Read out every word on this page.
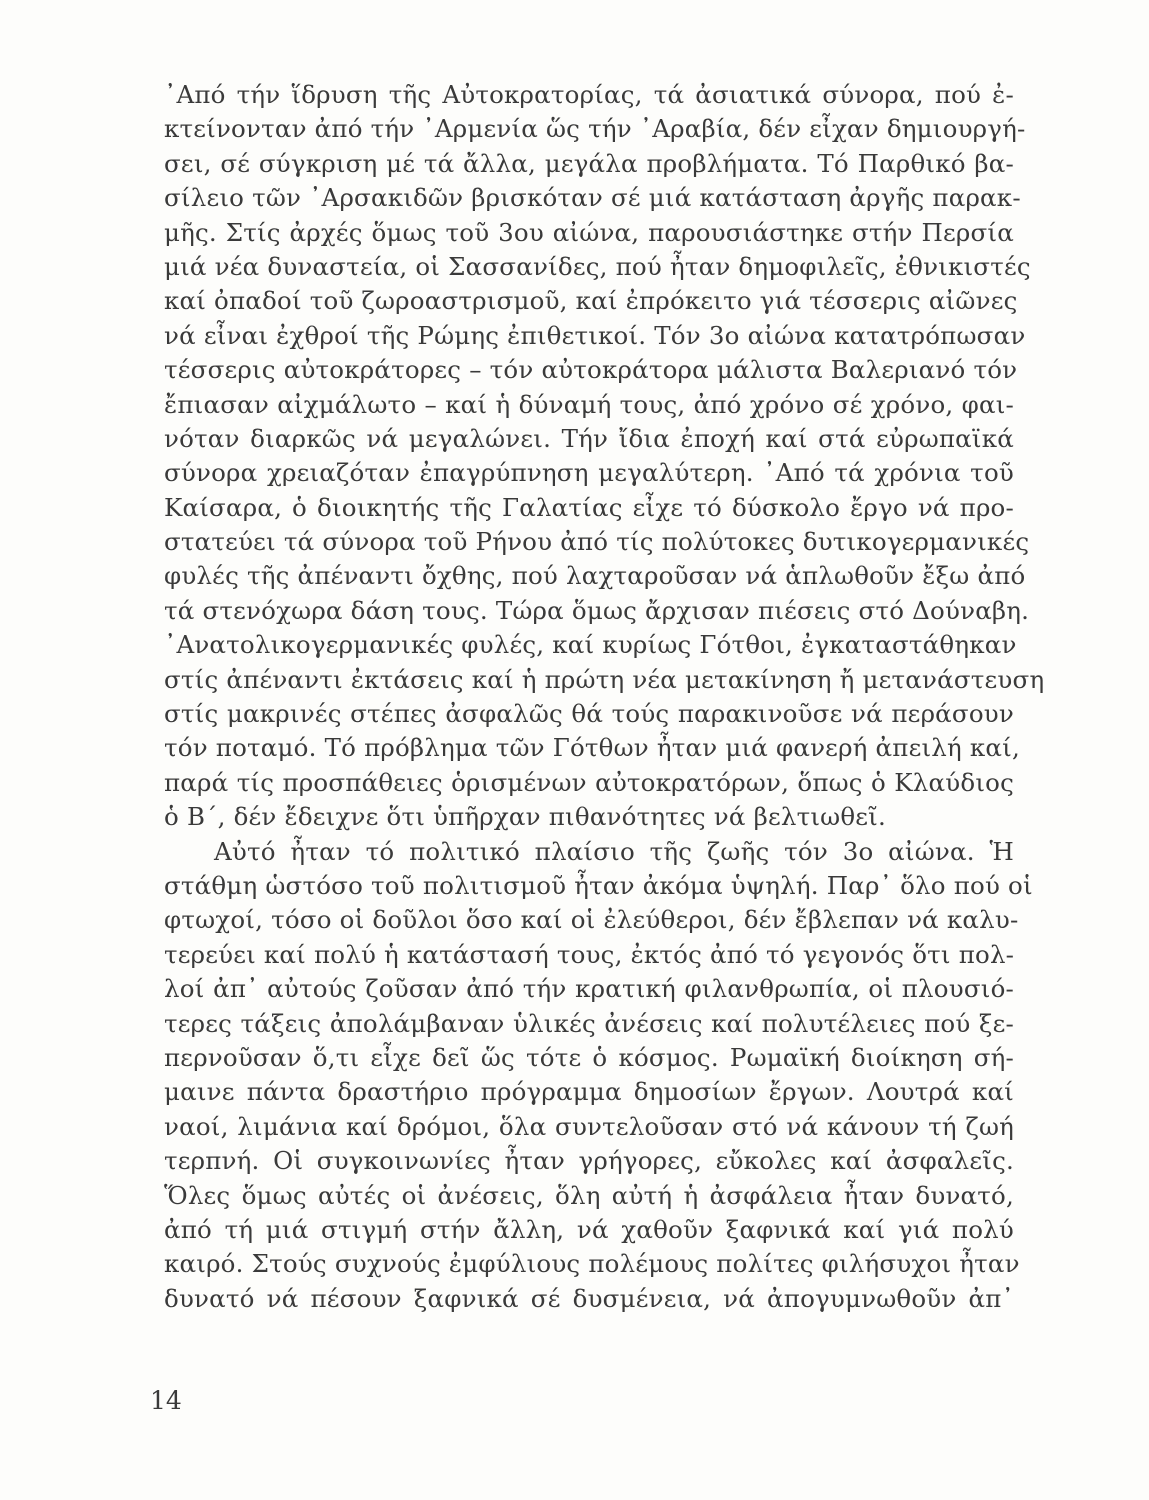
᾿Από τήν ἵδρυση τῆς Αὐτοκρατορίας, τά ἀσιατικά σύνορα, πού ἐ-
κτείνονταν ἀπό τήν ᾿Αρμενία ὥς τήν ᾿Αραβία, δέν εἶχαν δημιουργή-
σει, σέ σύγκριση μέ τά ἄλλα, μεγάλα προβλήματα. Τό Παρθικό βα-
σίλειο τῶν ᾿Αρσακιδῶν βρισκόταν σέ μιά κατάσταση ἀργῆς παρακ-
μῆς. Στίς ἀρχές ὅμως τοῦ 3ου αἰώνα, παρουσιάστηκε στήν Περσία
μιά νέα δυναστεία, οἱ Σασσανίδες, πού ἦταν δημοφιλεῖς, ἐθνικιστές
καί ὀπαδοί τοῦ ζωροαστρισμοῦ, καί ἐπρόκειτο γιά τέσσερις αἰῶνες
νά εἶναι ἐχθροί τῆς Ρώμης ἐπιθετικοί. Τόν 3ο αἰώνα κατατρόπωσαν
τέσσερις αὐτοκράτορες – τόν αὐτοκράτορα μάλιστα Βαλεριανό τόν
ἔπιασαν αἰχμάλωτο – καί ἡ δύναμή τους, ἀπό χρόνο σέ χρόνο, φαι-
νόταν διαρκῶς νά μεγαλώνει. Τήν ἴδια ἐποχή καί στά εὐρωπαϊκά
σύνορα χρειαζόταν ἐπαγρύπνηση μεγαλύτερη. ᾿Από τά χρόνια τοῦ
Καίσαρα, ὁ διοικητής τῆς Γαλατίας εἶχε τό δύσκολο ἔργο νά προ-
στατεύει τά σύνορα τοῦ Ρήνου ἀπό τίς πολύτοκες δυτικογερμανικές
φυλές τῆς ἀπέναντι ὄχθης, πού λαχταροῦσαν νά ἁπλωθοῦν ἔξω ἀπό
τά στενόχωρα δάση τους. Τώρα ὅμως ἄρχισαν πιέσεις στό Δούναβη.
᾿Ανατολικογερμανικές φυλές, καί κυρίως Γότθοι, ἐγκαταστάθηκαν
στίς ἀπέναντι ἐκτάσεις καί ἡ πρώτη νέα μετακίνηση ἤ μετανάστευση
στίς μακρινές στέπες ἀσφαλῶς θά τούς παρακινοῦσε νά περάσουν
τόν ποταμό. Τό πρόβλημα τῶν Γότθων ἦταν μιά φανερή ἀπειλή καί,
παρά τίς προσπάθειες ὁρισμένων αὐτοκρατόρων, ὅπως ὁ Κλαύδιος
ὁ Β΄, δέν ἔδειχνε ὅτι ὑπῆρχαν πιθανότητες νά βελτιωθεῖ.
Αὐτό ἦταν τό πολιτικό πλαίσιο τῆς ζωῆς τόν 3ο αἰώνα. Ἡ
στάθμη ὡστόσο τοῦ πολιτισμοῦ ἦταν ἀκόμα ὑψηλή. Παρ᾿ ὅλο πού οἱ
φτωχοί, τόσο οἱ δοῦλοι ὅσο καί οἱ ἐλεύθεροι, δέν ἔβλεπαν νά καλυ-
τερεύει καί πολύ ἡ κατάστασή τους, ἐκτός ἀπό τό γεγονός ὅτι πολ-
λοί ἀπ᾿ αὐτούς ζοῦσαν ἀπό τήν κρατική φιλανθρωπία, οἱ πλουσιό-
τερες τάξεις ἀπολάμβαναν ὑλικές ἀνέσεις καί πολυτέλειες πού ξε-
περνοῦσαν ὅ,τι εἶχε δεῖ ὥς τότε ὁ κόσμος. Ρωμαϊκή διοίκηση σή-
μαινε πάντα δραστήριο πρόγραμμα δημοσίων ἔργων. Λουτρά καί
ναοί, λιμάνια καί δρόμοι, ὅλα συντελοῦσαν στό νά κάνουν τή ζωή
τερπνή. Οἱ συγκοινωνίες ἦταν γρήγορες, εὔκολες καί ἀσφαλεῖς.
Ὅλες ὅμως αὐτές οἱ ἀνέσεις, ὅλη αὐτή ἡ ἀσφάλεια ἦταν δυνατό,
ἀπό τή μιά στιγμή στήν ἄλλη, νά χαθοῦν ξαφνικά καί γιά πολύ
καιρό. Στούς συχνούς ἐμφύλιους πολέμους πολίτες φιλήσυχοι ἦταν
δυνατό νά πέσουν ξαφνικά σέ δυσμένεια, νά ἀπογυμνωθοῦν ἀπ᾿
14
